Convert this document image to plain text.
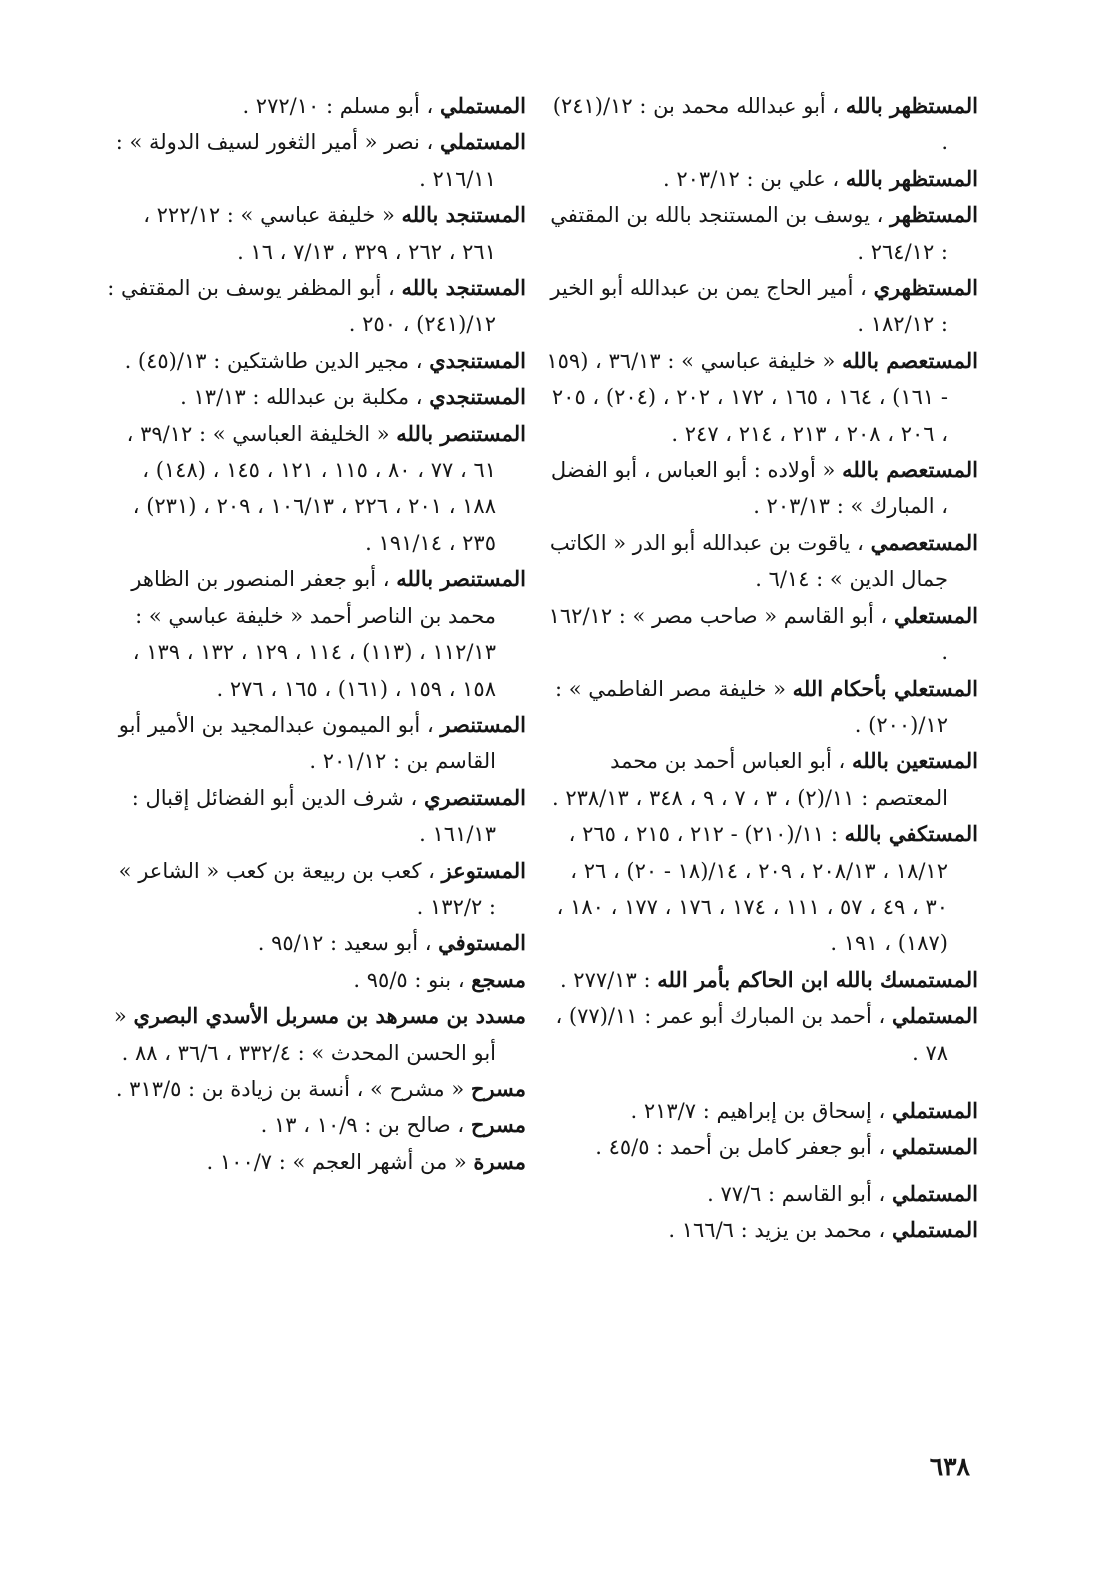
المستظهر بالله ، أبو عبدالله محمد بن : ١٢/(٢٤١) .

المستظهر بالله ، علي بن : ٢٠٣/١٢ .

المستظهر ، يوسف بن المستنجد بالله بن المقتفي : ٢٦٤/١٢ .

المستظهري ، أمير الحاج يمن بن عبدالله أبو الخير : ١٨٢/١٢ .

المستعصم بالله « خليفة عباسي » : ٣٦/١٣ ، (١٥٩ - ١٦١) ، ١٦٤ ، ١٦٥ ، ١٧٢ ، ٢٠٢ ، (٢٠٤) ، ٢٠٥ ، ٢٠٦ ، ٢٠٨ ، ٢١٣ ، ٢١٤ ، ٢٤٧ .

المستعصم بالله « أولاده : أبو العباس ، أبو الفضل ، المبارك » : ٢٠٣/١٣ .

المستعصمي ، ياقوت بن عبدالله أبو الدر « الكاتب جمال الدين » : ٦/١٤ .

المستعلي ، أبو القاسم « صاحب مصر » : ١٦٢/١٢ .

المستعلي بأحكام الله « خليفة مصر الفاطمي » : ١٢/(٢٠٠) .

المستعين بالله ، أبو العباس أحمد بن محمد المعتصم : ١١/(٢) ، ٣ ، ٧ ، ٩ ، ٣٤٨ ، ٢٣٨/١٣ .

المستكفي بالله : ١١/(٢١٠) - ٢١٢ ، ٢١٥ ، ٢٦٥ ، ١٨/١٢ ، ٢٠٨/١٣ ، ٢٠٩ ، ١٤/(١٨ - ٢٠) ، ٢٦ ، ٣٠ ، ٤٩ ، ٥٧ ، ١١١ ، ١٧٤ ، ١٧٦ ، ١٧٧ ، ١٨٠ ، (١٨٧) ، ١٩١ .

المستمسك بالله ابن الحاكم بأمر الله : ٢٧٧/١٣ .

المستملي ، أحمد بن المبارك أبو عمر : ١١/(٧٧) ، ٧٨ .

المستملي ، إسحاق بن إبراهيم : ٢١٣/٧ .

المستملي ، أبو جعفر كامل بن أحمد : ٤٥/٥ .

المستملي ، أبو القاسم : ٧٧/٦ .

المستملي ، محمد بن يزيد : ١٦٦/٦ .

المستملي ، أبو مسلم : ٢٧٢/١٠ .

المستملي ، نصر « أمير الثغور لسيف الدولة » : ٢١٦/١١ .

المستنجد بالله « خليفة عباسي » : ٢٢٢/١٢ ، ٢٦١ ، ٢٦٢ ، ٣٢٩ ، ٧/١٣ ، ١٦ .

المستنجد بالله ، أبو المظفر يوسف بن المقتفي : ١٢/(٢٤١) ، ٢٥٠ .

المستنجدي ، مجير الدين طاشتكين : ١٣/(٤٥) .

المستنجدي ، مكلبة بن عبدالله : ١٣/١٣ .

المستنصر بالله « الخليفة العباسي » : ٣٩/١٢ ، ٦١ ، ٧٧ ، ٨٠ ، ١١٥ ، ١٢١ ، ١٤٥ ، (١٤٨) ، ١٨٨ ، ٢٠١ ، ٢٢٦ ، ١٠٦/١٣ ، ٢٠٩ ، (٢٣١) ، ٢٣٥ ، ١٩١/١٤ .

المستنصر بالله ، أبو جعفر المنصور بن الظاهر محمد بن الناصر أحمد « خليفة عباسي » : ١١٢/١٣ ، (١١٣) ، ١١٤ ، ١٢٩ ، ١٣٢ ، ١٣٩ ، ١٥٨ ، ١٥٩ ، (١٦١) ، ١٦٥ ، ٢٧٦ .

المستنصر ، أبو الميمون عبدالمجيد بن الأمير أبو القاسم بن : ٢٠١/١٢ .

المستنصري ، شرف الدين أبو الفضائل إقبال : ١٦١/١٣ .

المستوعز ، كعب بن ربيعة بن كعب « الشاعر » : ١٣٢/٢ .

المستوفي ، أبو سعيد : ٩٥/١٢ .

مسجع ، بنو : ٩٥/٥ .

مسدد بن مسرهد بن مسربل الأسدي البصري « أبو الحسن المحدث » : ٣٣٢/٤ ، ٣٦/٦ ، ٨٨ .

مسرح « مشرح » ، أنسة بن زيادة بن : ٣١٣/٥ .

مسرح ، صالح بن : ١٠/٩ ، ١٣ .

مسرة « من أشهر العجم » : ١٠٠/٧ .

٦٣٨
